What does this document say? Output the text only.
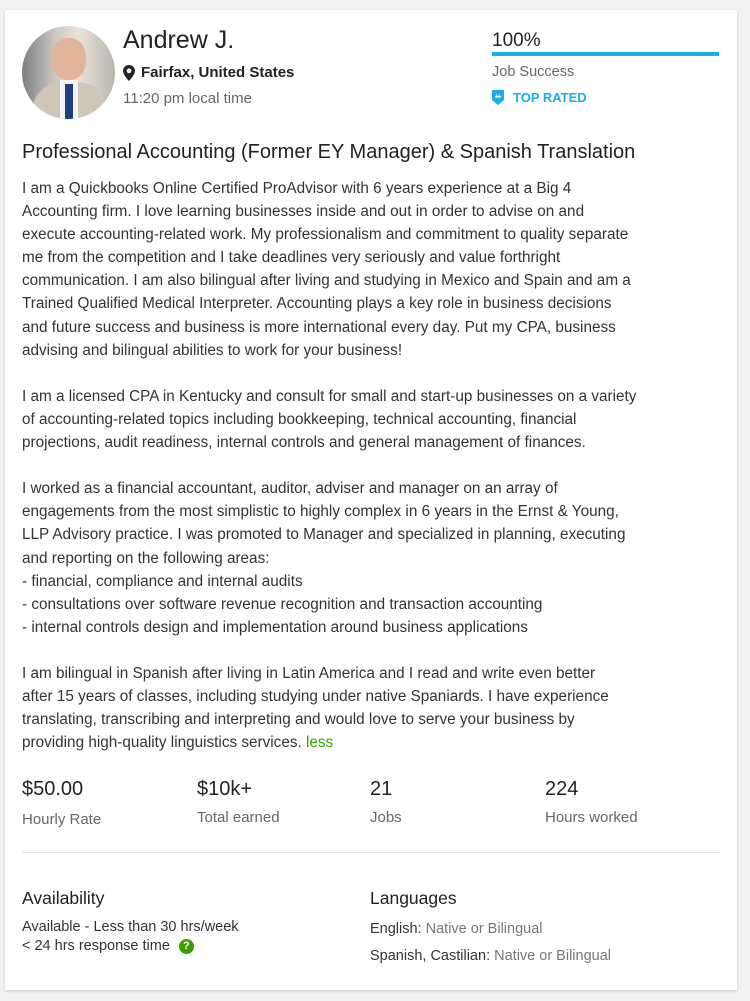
Andrew J.
Fairfax, United States
11:20 pm local time
100%
Job Success
TOP RATED
Professional Accounting (Former EY Manager) & Spanish Translation

I am a Quickbooks Online Certified ProAdvisor with 6 years experience at a Big 4
Accounting firm. I love learning businesses inside and out in order to advise on and
execute accounting-related work. My professionalism and commitment to quality separate
me from the competition and I take deadlines very seriously and value forthright
communication. I am also bilingual after living and studying in Mexico and Spain and am a
Trained Qualified Medical Interpreter. Accounting plays a key role in business decisions
and future success and business is more international every day. Put my CPA, business
advising and bilingual abilities to work for your business!

I am a licensed CPA in Kentucky and consult for small and start-up businesses on a variety
of accounting-related topics including bookkeeping, technical accounting, financial
projections, audit readiness, internal controls and general management of finances.

I worked as a financial accountant, auditor, adviser and manager on an array of
engagements from the most simplistic to highly complex in 6 years in the Ernst & Young,
LLP Advisory practice. I was promoted to Manager and specialized in planning, executing
and reporting on the following areas:
- financial, compliance and internal audits
- consultations over software revenue recognition and transaction accounting
- internal controls design and implementation around business applications

I am bilingual in Spanish after living in Latin America and I read and write even better
after 15 years of classes, including studying under native Spaniards. I have experience
translating, transcribing and interpreting and would love to serve your business by
providing high-quality linguistics services. less

$50.00
Hourly Rate
$10k+
Total earned
21
Jobs
224
Hours worked
Availability
Available - Less than 30 hrs/week
< 24 hrs response time ?
Languages
English: Native or Bilingual
Spanish, Castilian: Native or Bilingual
